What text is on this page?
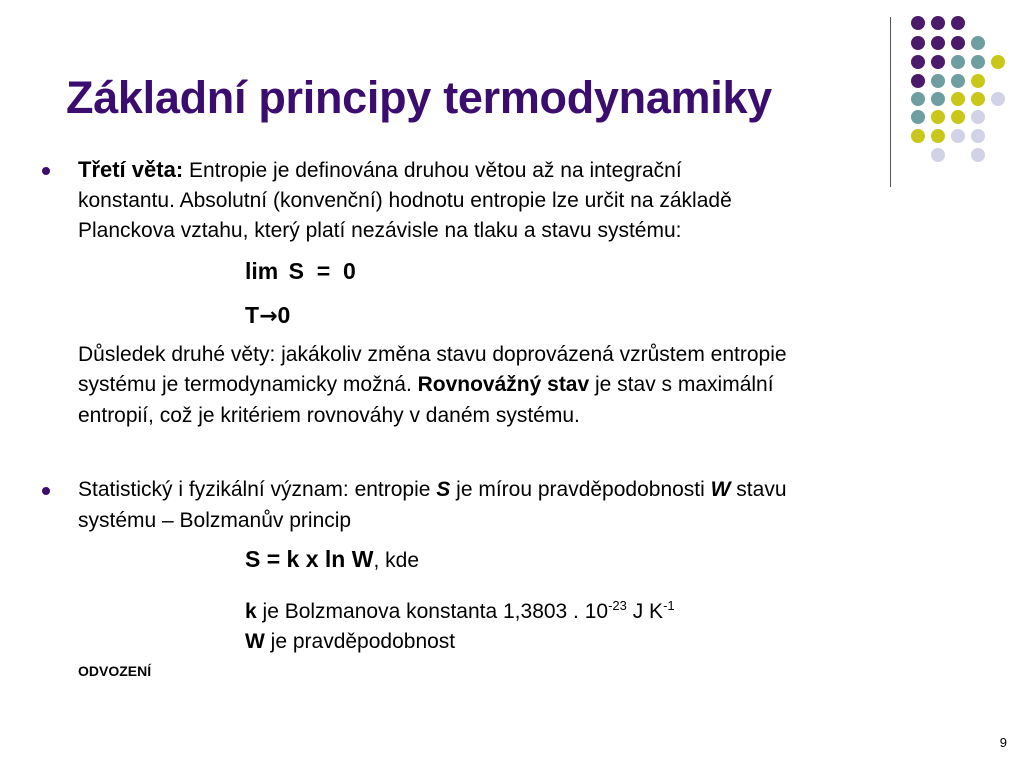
Základní principy termodynamiky
Třetí věta: Entropie je definována druhou větou až na integrační
konstantu. Absolutní (konvenční) hodnotu entropie lze určit na základě
Planckova vztahu, který platí nezávisle na tlaku a stavu systému:
lim S  =  0
T→0
Důsledek druhé věty: jakákoliv změna stavu doprovázená vzrůstem entropie
systému je termodynamicky možná. Rovnovážný stav je stav s maximální
entropií, což je kritériem rovnováhy v daném systému.
Statistický i fyzikální význam: entropie S je mírou pravděpodobnosti W stavu
systému – Bolzmanův princip
S = k x ln W, kde
k je Bolzmanova konstanta 1,3803 . $10^{-23}$ J $K^{-1}$
W je pravděpodobnost
ODVOZENÍ
9
